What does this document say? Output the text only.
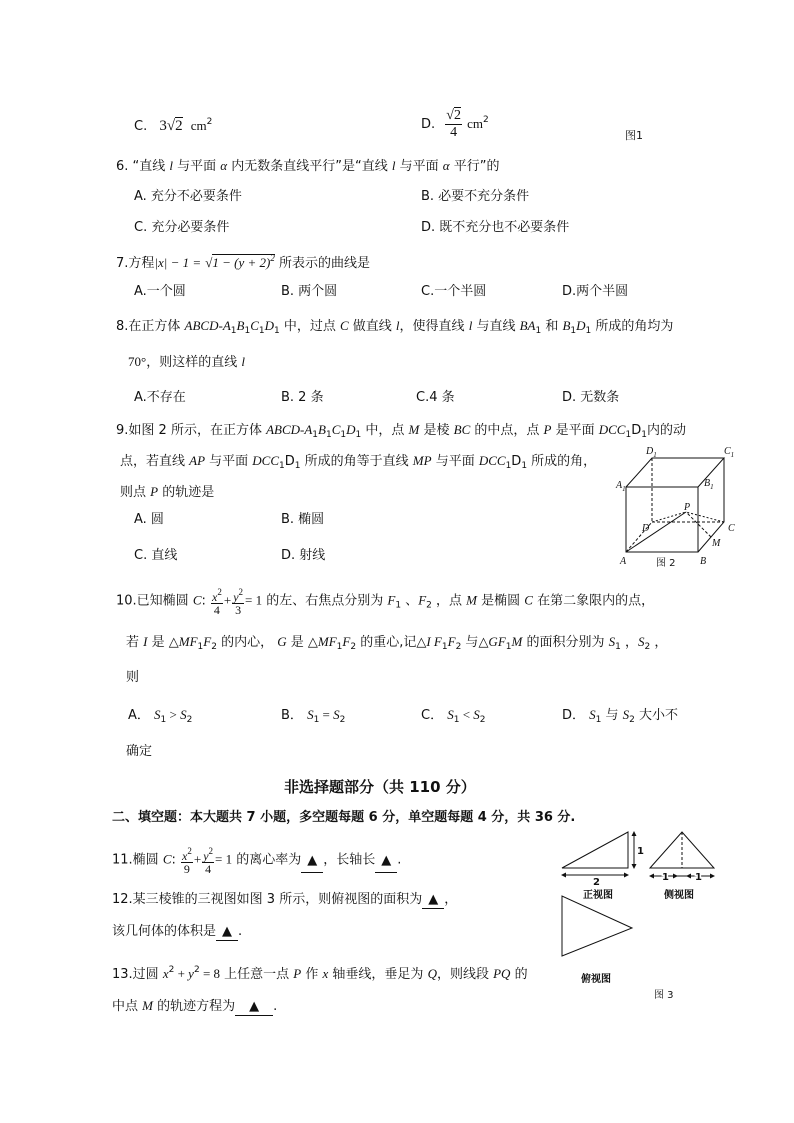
C. 3√2 $cm^2$	D. $\frac{√2}{4} cm^2$
图1
6. “直线 l 与平面 α 内无数条直线平行”是“直线 l 与平面 α 平行”的
A. 充分不必要条件	B. 必要不充分条件
C. 充分必要条件	D. 既不充分也不必要条件
7.方程$|x| - 1 = √1 - (y + 2)^2$ 所表示的曲线是
A.一个圆	B. 两个圆	C.一个半圆	D.两个半圆
8.在正方体 ABCD-$A_1B_1C_1D_1$ 中，过点 C 做直线 l，使得直线 l 与直线 $BA_1$ 和 $B_1D_1$ 所成的角均为
70°，则这样的直线 l
A.不存在	B. 2 条	C.4 条	D. 无数条
9.如图 2 所示，在正方体 ABCD-$A_1B_1C_1D_1$ 中，点 M 是棱 BC 的中点，点 P 是平面 $DCC_1D_1$内的动
点，若直线 AP 与平面 $DCC_1D_1$ 所成的角等于直线 MP 与平面 $DCC_1D_1$ 所成的角，
则点 P 的轨迹是
A. 圆	B. 椭圆
C. 直线	D. 射线
$D_1$	$C_1$
$A_1$	$B_1$
D
P
C
M
A	B
图 2
10.已知椭圆 C: $\frac{x^2}{4} + \frac{y^2}{3} = 1$ 的左、右焦点分别为 $F_1$ 、$F_2$ ，点 M 是椭圆 C 在第二象限内的点，
若 I 是 $\triangle MF_1F_2$ 的内心， G 是 $\triangle MF_1F_2$ 的重心,记△I $F_1F_2$ 与$\triangle GF_1M$ 的面积分别为 $S_1$ ，$S_2$ ，
则
A． $S_1 > S_2$	B． $S_1 = S_2$	C． $S_1 < S_2$	D． $S_1$ 与 $S_2$ 大小不
确定
非选择题部分（共 110 分）
二、填空题：本大题共 7 小题，多空题每题 6 分，单空题每题 4 分，共 36 分.
11.椭圆 C: $\frac{x^2}{9} + \frac{y^2}{4} = 1$ 的离心率为 ▲ ，长轴长 ▲ .
12.某三棱锥的三视图如图 3 所示，则俯视图的面积为 ▲ ，
该几何体的体积是 ▲ .
13.过圆 $x^2 + y^2 = 8$ 上任意一点 P 作 x 轴垂线，垂足为 Q，则线段 PQ 的
中点 M 的轨迹方程为 ▲ .
1
2
正视图
1	1
侧视图
俯视图
图 3
